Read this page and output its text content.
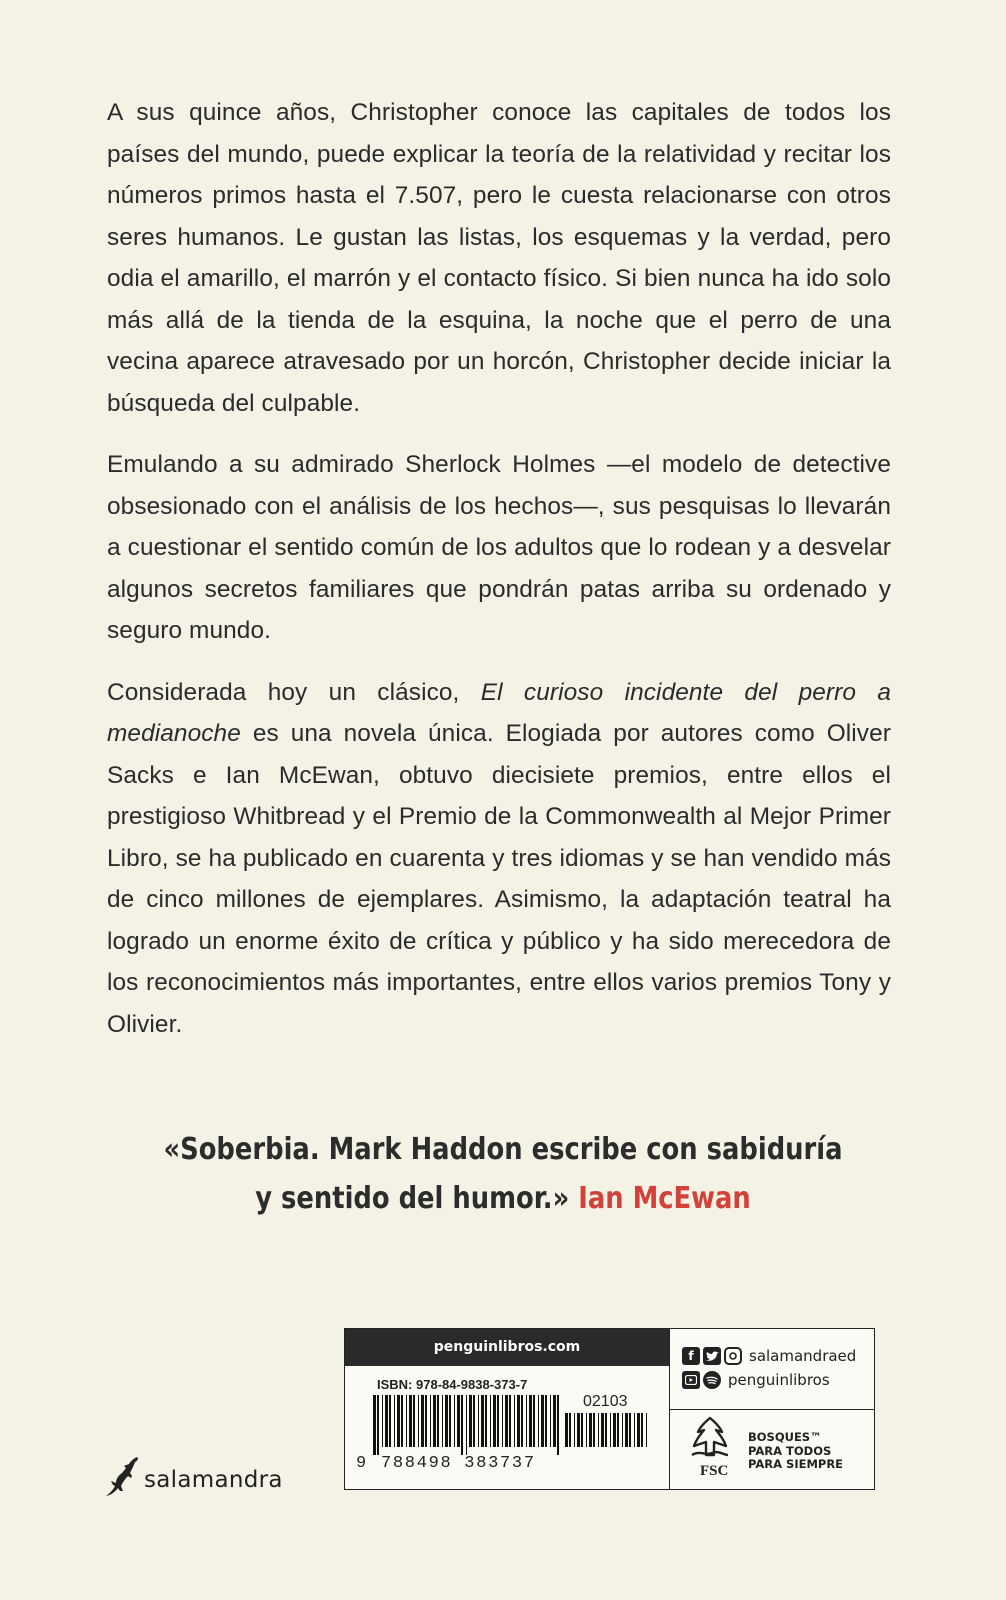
A sus quince años, Christopher conoce las capitales de todos los países del mundo, puede explicar la teoría de la relatividad y recitar los números primos hasta el 7.507, pero le cuesta relacionarse con otros seres humanos. Le gustan las listas, los esquemas y la verdad, pero odia el amarillo, el marrón y el contacto físico. Si bien nunca ha ido solo más allá de la tienda de la esquina, la noche que el perro de una vecina aparece atravesado por un horcón, Christopher decide iniciar la búsqueda del culpable.

Emulando a su admirado Sherlock Holmes —el modelo de detective obsesionado con el análisis de los hechos—, sus pesquisas lo llevarán a cuestionar el sentido común de los adultos que lo rodean y a desvelar algunos secretos familiares que pondrán patas arriba su ordenado y seguro mundo.

Considerada hoy un clásico, El curioso incidente del perro a medianoche es una novela única. Elogiada por autores como Oliver Sacks e Ian McEwan, obtuvo diecisiete premios, entre ellos el prestigioso Whitbread y el Premio de la Commonwealth al Mejor Primer Libro, se ha publicado en cuarenta y tres idiomas y se han vendido más de cinco millones de ejemplares. Asimismo, la adaptación teatral ha logrado un enorme éxito de crítica y público y ha sido merecedora de los reconocimientos más importantes, entre ellos varios premios Tony y Olivier.

«Soberbia. Mark Haddon escribe con sabiduría
y sentido del humor.» Ian McEwan
salamandra
penguinlibros.com
ISBN: 978-84-9838-373-7
02103
9 788498 383737
f	salamandraed
penguinlibros
FSC
BOSQUES™
PARA TODOS
PARA SIEMPRE
